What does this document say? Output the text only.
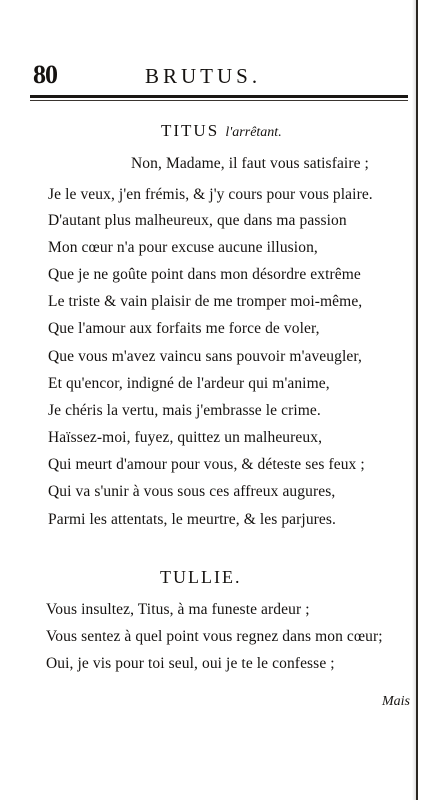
80	BRUTUS.
TITUS l'arrêtant.
Non, Madame, il faut vous satisfaire ;
Je le veux, j'en frémis, & j'y cours pour vous plaire.
D'autant plus malheureux, que dans ma passion
Mon cœur n'a pour excuse aucune illusion,
Que je ne goûte point dans mon désordre extrême
Le triste & vain plaisir de me tromper moi-même,
Que l'amour aux forfaits me force de voler,
Que vous m'avez vaincu sans pouvoir m'aveugler,
Et qu'encor, indigné de l'ardeur qui m'anime,
Je chéris la vertu, mais j'embrasse le crime.
Haïssez-moi, fuyez, quittez un malheureux,
Qui meurt d'amour pour vous, & déteste ses feux ;
Qui va s'unir à vous sous ces affreux augures,
Parmi les attentats, le meurtre, & les parjures.
TULLIE.
Vous insultez, Titus, à ma funeste ardeur ;
Vous sentez à quel point vous regnez dans mon cœur;
Oui, je vis pour toi seul, oui je te le confesse ;
Mais
